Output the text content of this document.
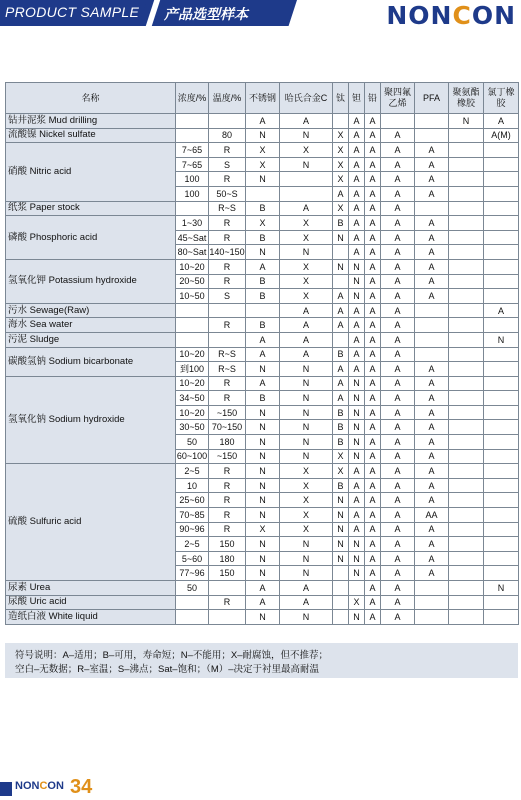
PRODUCT SAMPLE 产品选型样本	NONCON
名称	浓度/%	温度/%	不锈钢	哈氏合金C	钛	钽	铅	聚四氟乙烯	PFA	聚氨酯橡胶	氯丁橡胶	
钻井泥浆 Mud drilling			A	A		A	A			N	A	
流酸镍 Nickel sulfate		80	N	N	X	A	A	A			A(M)	
硝酸 Nitric acid	7~65	R	X	X	X	A	A	A	A			
	7~65	S	X	N	X	A	A	A	A			
	100	R	N		X	A	A	A	A			
	100	50~S			A	A	A	A	A			
纸浆 Paper stock		R~S	B	A	X	A	A	A				
磷酸 Phosphoric acid	1~30	R	X	X	B	A	A	A	A			
	45~Sat	R	B	X	N	A	A	A	A			
	80~Sat	140~150	N	N		A	A	A	A			
氢氧化钾 Potassium hydroxide	10~20	R	A	X	N	N	A	A	A			
	20~50	R	B	X		N	A	A	A			
	10~50	S	B	X	A	N	A	A	A			
污水 Sewage(Raw)				A	A	A	A	A			A	
海水 Sea water		R	B	A	A	A	A	A				
污泥 Sludge			A	A		A	A	A			N	
碳酸氢钠 Sodium bicarbonate	10~20	R~S	A	A	B	A	A	A				
	到100	R~S	N	N	A	A	A	A	A			
氢氧化钠 Sodium hydroxide	10~20	R	A	N	A	N	A	A	A			
	34~50	R	B	N	A	N	A	A	A			
	10~20	~150	N	N	B	N	A	A	A			
	30~50	70~150	N	N	B	N	A	A	A			
	50	180	N	N	B	N	A	A	A			
	60~100	~150	N	N	X	N	A	A	A			
硫酸 Sulfuric acid	2~5	R	N	X	X	A	A	A	A			
	10	R	N	X	B	A	A	A	A			
	25~60	R	N	X	N	A	A	A	A			
	70~85	R	N	X	N	A	A	A	AA			
	90~96	R	X	X	N	A	A	A	A			
	2~5	150	N	N	N	N	A	A	A			
	5~60	180	N	N	N	N	A	A	A			
	77~96	150	N	N		N	A	A	A			
尿素 Urea	50		A	A			A	A			N	
尿酸 Uric acid		R	A	A		X	A	A				
造纸白液 White liquid			N	N		N	A	A				
符号说明：A–适用；B–可用，寿命短；N–不能用；X–耐腐蚀，但不推荐；
空白–无数据；R–室温；S–沸点；Sat–饱和；（M）–决定于衬里最高耐温
NONCON 34
